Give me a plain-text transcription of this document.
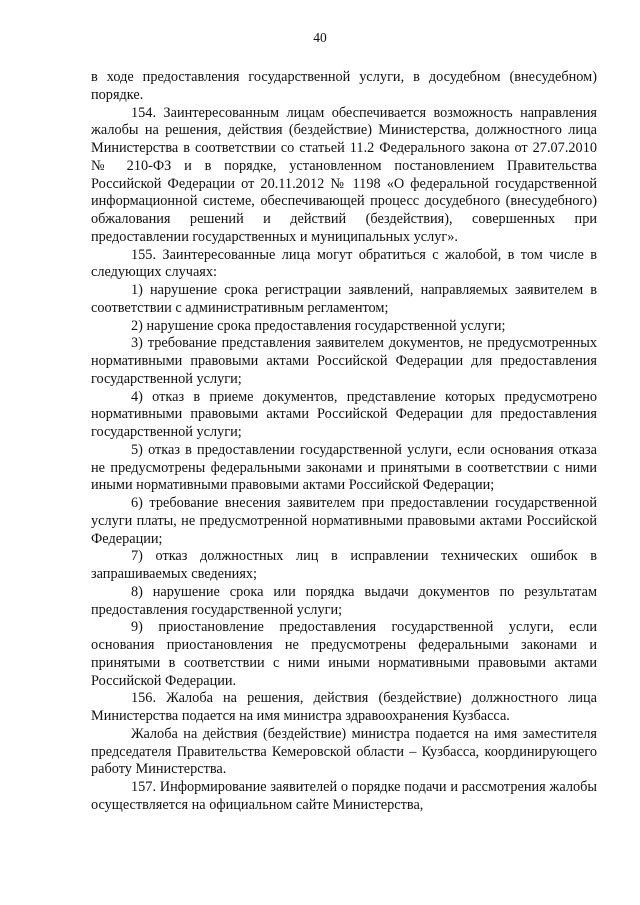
40

в ходе предоставления государственной услуги, в досудебном (внесудебном) порядке.

154. Заинтересованным лицам обеспечивается возможность направления жалобы на решения, действия (бездействие) Министерства, должностного лица Министерства в соответствии со статьей 11.2 Федерального закона от 27.07.2010 № 210-ФЗ и в порядке, установленном постановлением Правительства Российской Федерации от 20.11.2012 № 1198 «О федеральной государственной информационной системе, обеспечивающей процесс досудебного (внесудебного) обжалования решений и действий (бездействия), совершенных при предоставлении государственных и муниципальных услуг».

155. Заинтересованные лица могут обратиться с жалобой, в том числе в следующих случаях:

1) нарушение срока регистрации заявлений, направляемых заявителем в соответствии с административным регламентом;

2) нарушение срока предоставления государственной услуги;

3) требование представления заявителем документов, не предусмотренных нормативными правовыми актами Российской Федерации для предоставления государственной услуги;

4) отказ в приеме документов, представление которых предусмотрено нормативными правовыми актами Российской Федерации для предоставления государственной услуги;

5) отказ в предоставлении государственной услуги, если основания отказа не предусмотрены федеральными законами и принятыми в соответствии с ними иными нормативными правовыми актами Российской Федерации;

6) требование внесения заявителем при предоставлении государственной услуги платы, не предусмотренной нормативными правовыми актами Российской Федерации;

7) отказ должностных лиц в исправлении технических ошибок в запрашиваемых сведениях;

8) нарушение срока или порядка выдачи документов по результатам предоставления государственной услуги;

9) приостановление предоставления государственной услуги, если основания приостановления не предусмотрены федеральными законами и принятыми в соответствии с ними иными нормативными правовыми актами Российской Федерации.

156. Жалоба на решения, действия (бездействие) должностного лица Министерства подается на имя министра здравоохранения Кузбасса.

Жалоба на действия (бездействие) министра подается на имя заместителя председателя Правительства Кемеровской области – Кузбасса, координирующего работу Министерства.

157. Информирование заявителей о порядке подачи и рассмотрения жалобы осуществляется на официальном сайте Министерства,
